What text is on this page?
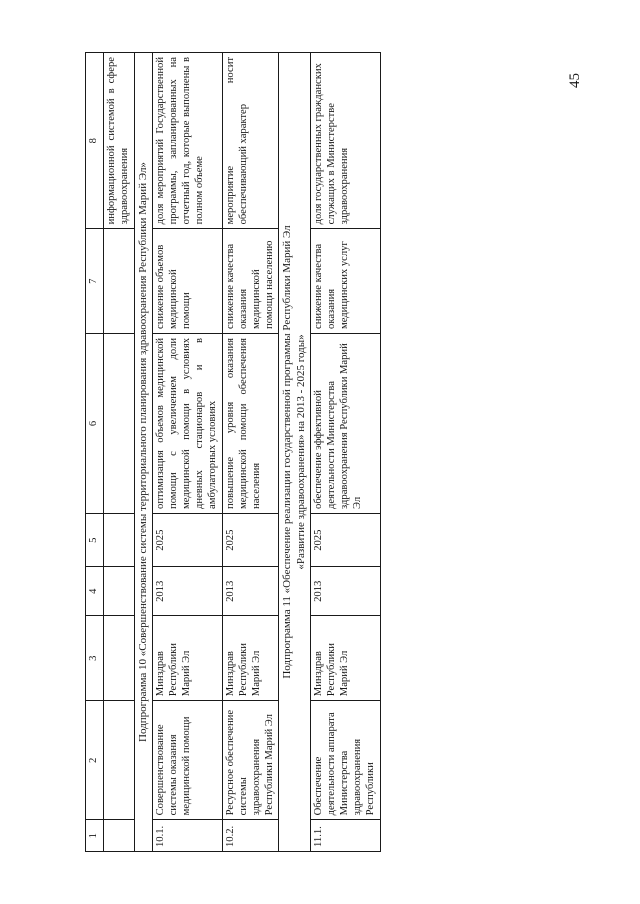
45
1	2	3	4	5	6	7	8
							информационной системой в сфере здравоохранения
Подпрограмма 10 «Совершенствование системы территориального планирования здравоохранения Республики Марий Эл»							
10.1.	Совершенствование системы оказания медицинской помощи	Минздрав Республики Марий Эл	2013	2025	оптимизация объемов медицинской помощи с увеличением доли медицинской помощи в условиях дневных стационаров и в амбулаторных условиях	снижение объемов медицинской помощи	доля мероприятий Государственной программы, запланированных на отчетный год, которые выполнены в полном объеме
10.2.	Ресурсное обеспечение системы здравоохранения Республики Марий Эл	Минздрав Республики Марий Эл	2013	2025	повышение уровня оказания медицинской помощи обеспечения населения	снижение качества оказания медицинской помощи населению	мероприятие носит обеспечивающий характер

Подпрограмма 11 «Обеспечение реализации государственной программы Республики Марий Эл «Развитие здравоохранения» на 2013 - 2025 годы»							

11.1.	Обеспечение деятельности аппарата Министерства здравоохранения Республики	Минздрав Республики Марий Эл	2013	2025	обеспечение эффективной деятельности Министерства здравоохранения Республики Марий Эл	снижение качества оказания медицинских услуг	доля государственных гражданских служащих в Министерстве здравоохранения
